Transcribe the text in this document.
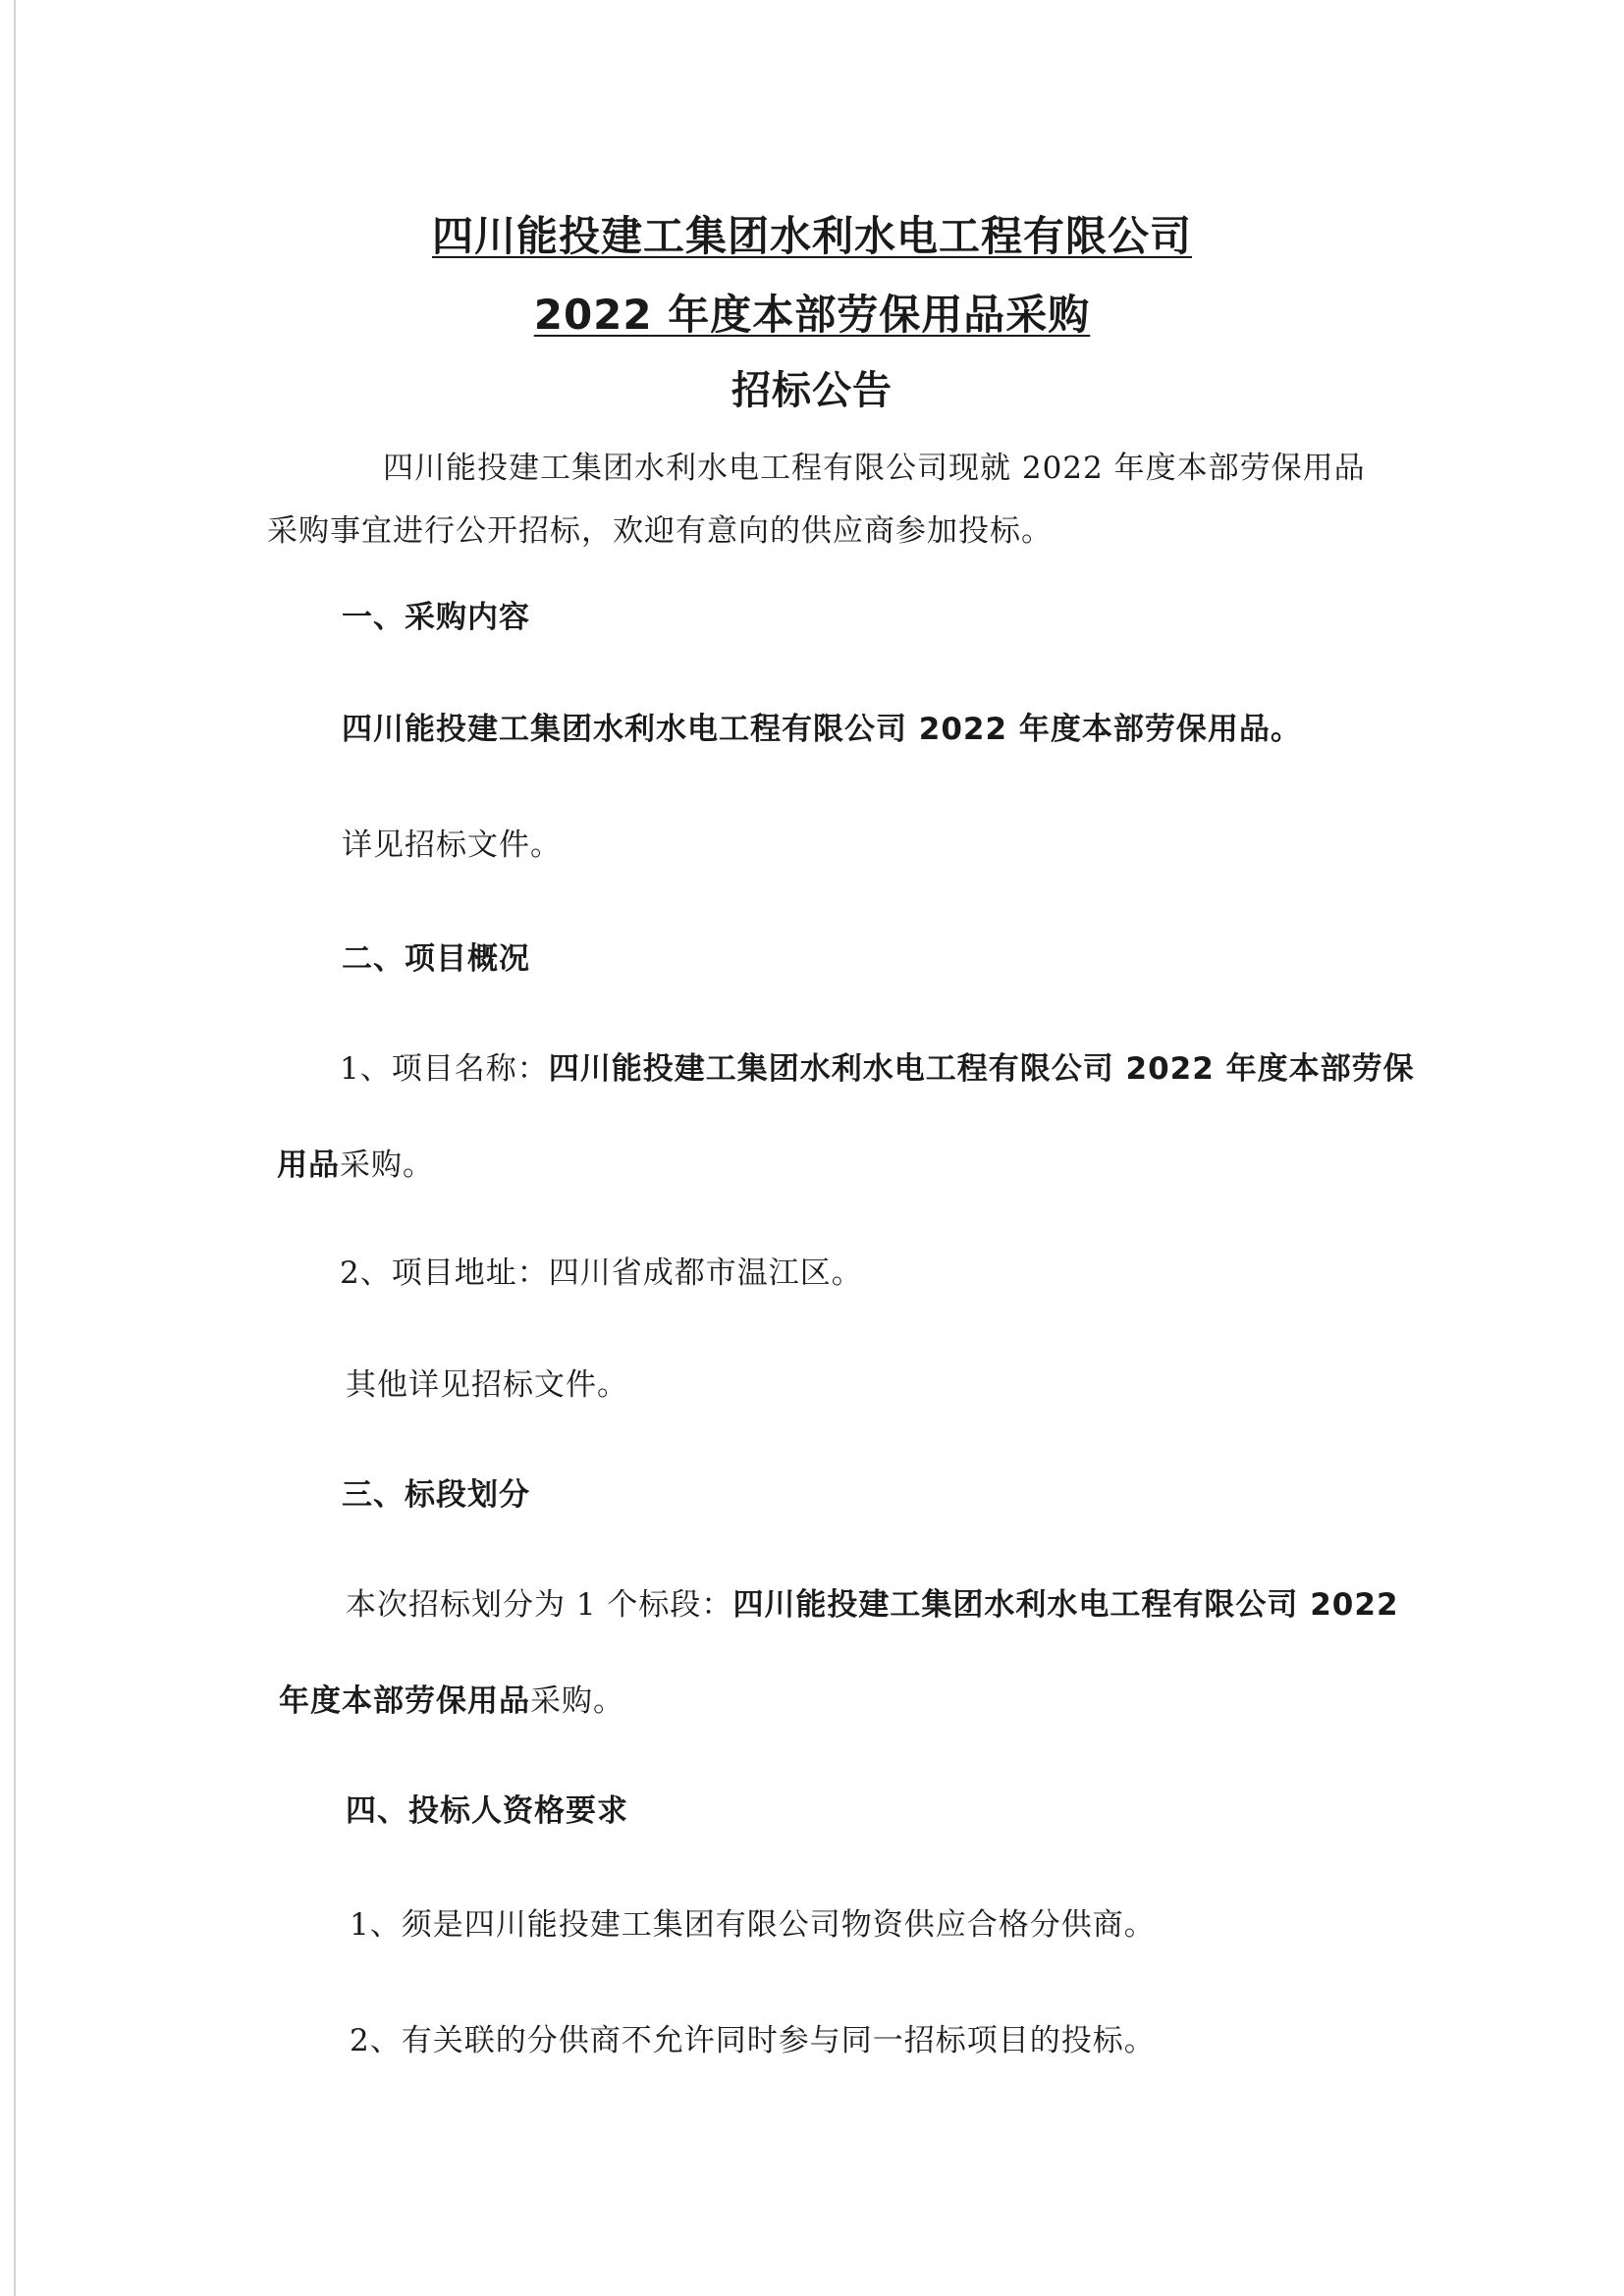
四川能投建工集团水利水电工程有限公司
2022 年度本部劳保用品采购
招标公告
四川能投建工集团水利水电工程有限公司现就 2022 年度本部劳保用品
采购事宜进行公开招标，欢迎有意向的供应商参加投标。
一、采购内容
四川能投建工集团水利水电工程有限公司 2022 年度本部劳保用品。
详见招标文件。
二、项目概况
1、项目名称：四川能投建工集团水利水电工程有限公司 2022 年度本部劳保
用品采购。
2、项目地址：四川省成都市温江区。
其他详见招标文件。
三、标段划分
本次招标划分为 1 个标段：四川能投建工集团水利水电工程有限公司 2022
年度本部劳保用品采购。
四、投标人资格要求
1、须是四川能投建工集团有限公司物资供应合格分供商。
2、有关联的分供商不允许同时参与同一招标项目的投标。
